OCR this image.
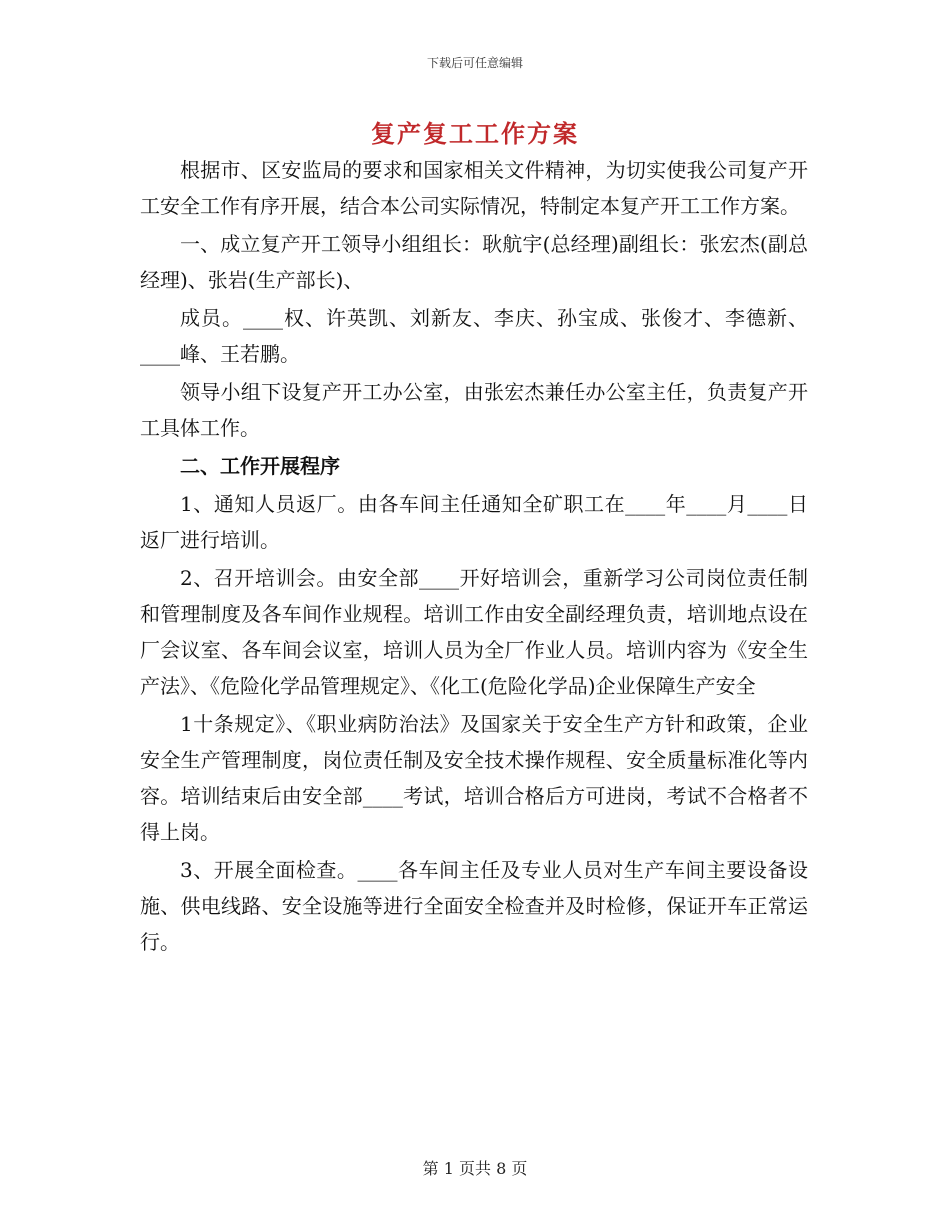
下载后可任意编辑
复产复工工作方案

根据市、区安监局的要求和国家相关文件精神，为切实使我公司复产开工安全工作有序开展，结合本公司实际情况，特制定本复产开工工作方案。

一、成立复产开工领导小组组长：耿航宇(总经理)副组长：张宏杰(副总经理)、张岩(生产部长)、

成员。____权、许英凯、刘新友、李庆、孙宝成、张俊才、李德新、____峰、王若鹏。

领导小组下设复产开工办公室，由张宏杰兼任办公室主任，负责复产开工具体工作。

二、工作开展程序

1、通知人员返厂。由各车间主任通知全矿职工在____年____月____日返厂进行培训。

2、召开培训会。由安全部____开好培训会，重新学习公司岗位责任制和管理制度及各车间作业规程。培训工作由安全副经理负责，培训地点设在厂会议室、各车间会议室，培训人员为全厂作业人员。培训内容为《安全生产法》、《危险化学品管理规定》、《化工(危险化学品)企业保障生产安全

1十条规定》、《职业病防治法》及国家关于安全生产方针和政策，企业安全生产管理制度，岗位责任制及安全技术操作规程、安全质量标准化等内容。培训结束后由安全部____考试，培训合格后方可进岗，考试不合格者不得上岗。

3、开展全面检查。____各车间主任及专业人员对生产车间主要设备设施、供电线路、安全设施等进行全面安全检查并及时检修，保证开车正常运行。

第 1 页共 8 页
